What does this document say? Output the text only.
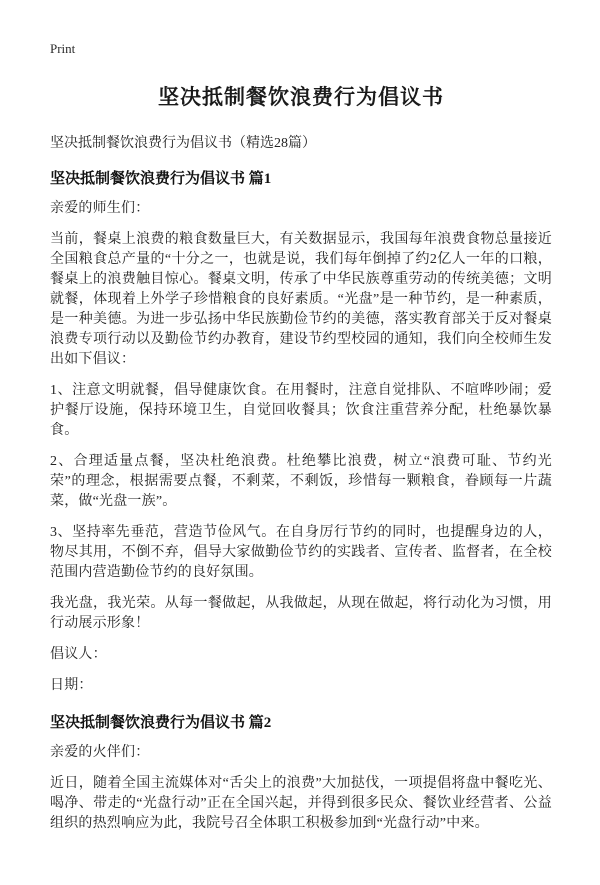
Print
坚决抵制餐饮浪费行为倡议书
坚决抵制餐饮浪费行为倡议书（精选28篇）
坚决抵制餐饮浪费行为倡议书 篇1

亲爱的师生们：

当前，餐桌上浪费的粮食数量巨大，有关数据显示，我国每年浪费食物总量接近全国粮食总产量的“十分之一，也就是说，我们每年倒掉了约2亿人一年的口粮，餐桌上的浪费触目惊心。餐桌文明，传承了中华民族尊重劳动的传统美德；文明就餐，体现着上外学子珍惜粮食的良好素质。“光盘”是一种节约，是一种素质，是一种美德。为进一步弘扬中华民族勤俭节约的美德，落实教育部关于反对餐桌浪费专项行动以及勤俭节约办教育，建设节约型校园的通知，我们向全校师生发出如下倡议：

1、注意文明就餐，倡导健康饮食。在用餐时，注意自觉排队、不喧哗吵闹；爱护餐厅设施，保持环境卫生，自觉回收餐具；饮食注重营养分配，杜绝暴饮暴食。

2、合理适量点餐，坚决杜绝浪费。杜绝攀比浪费，树立“浪费可耻、节约光荣”的理念，根据需要点餐，不剩菜，不剩饭，珍惜每一颗粮食，眷顾每一片蔬菜，做“光盘一族”。

3、坚持率先垂范，营造节俭风气。在自身厉行节约的同时，也提醒身边的人，物尽其用，不倒不弃，倡导大家做勤俭节约的实践者、宣传者、监督者，在全校范围内营造勤俭节约的良好氛围。

我光盘，我光荣。从每一餐做起，从我做起，从现在做起，将行动化为习惯，用行动展示形象！

倡议人：

日期：

坚决抵制餐饮浪费行为倡议书 篇2

亲爱的火伴们：

近日，随着全国主流媒体对“舌尖上的浪费”大加挞伐，一项提倡将盘中餐吃光、喝净、带走的“光盘行动”正在全国兴起，并得到很多民众、餐饮业经营者、公益组织的热烈响应为此，我院号召全体职工积极参加到“光盘行动”中来。
